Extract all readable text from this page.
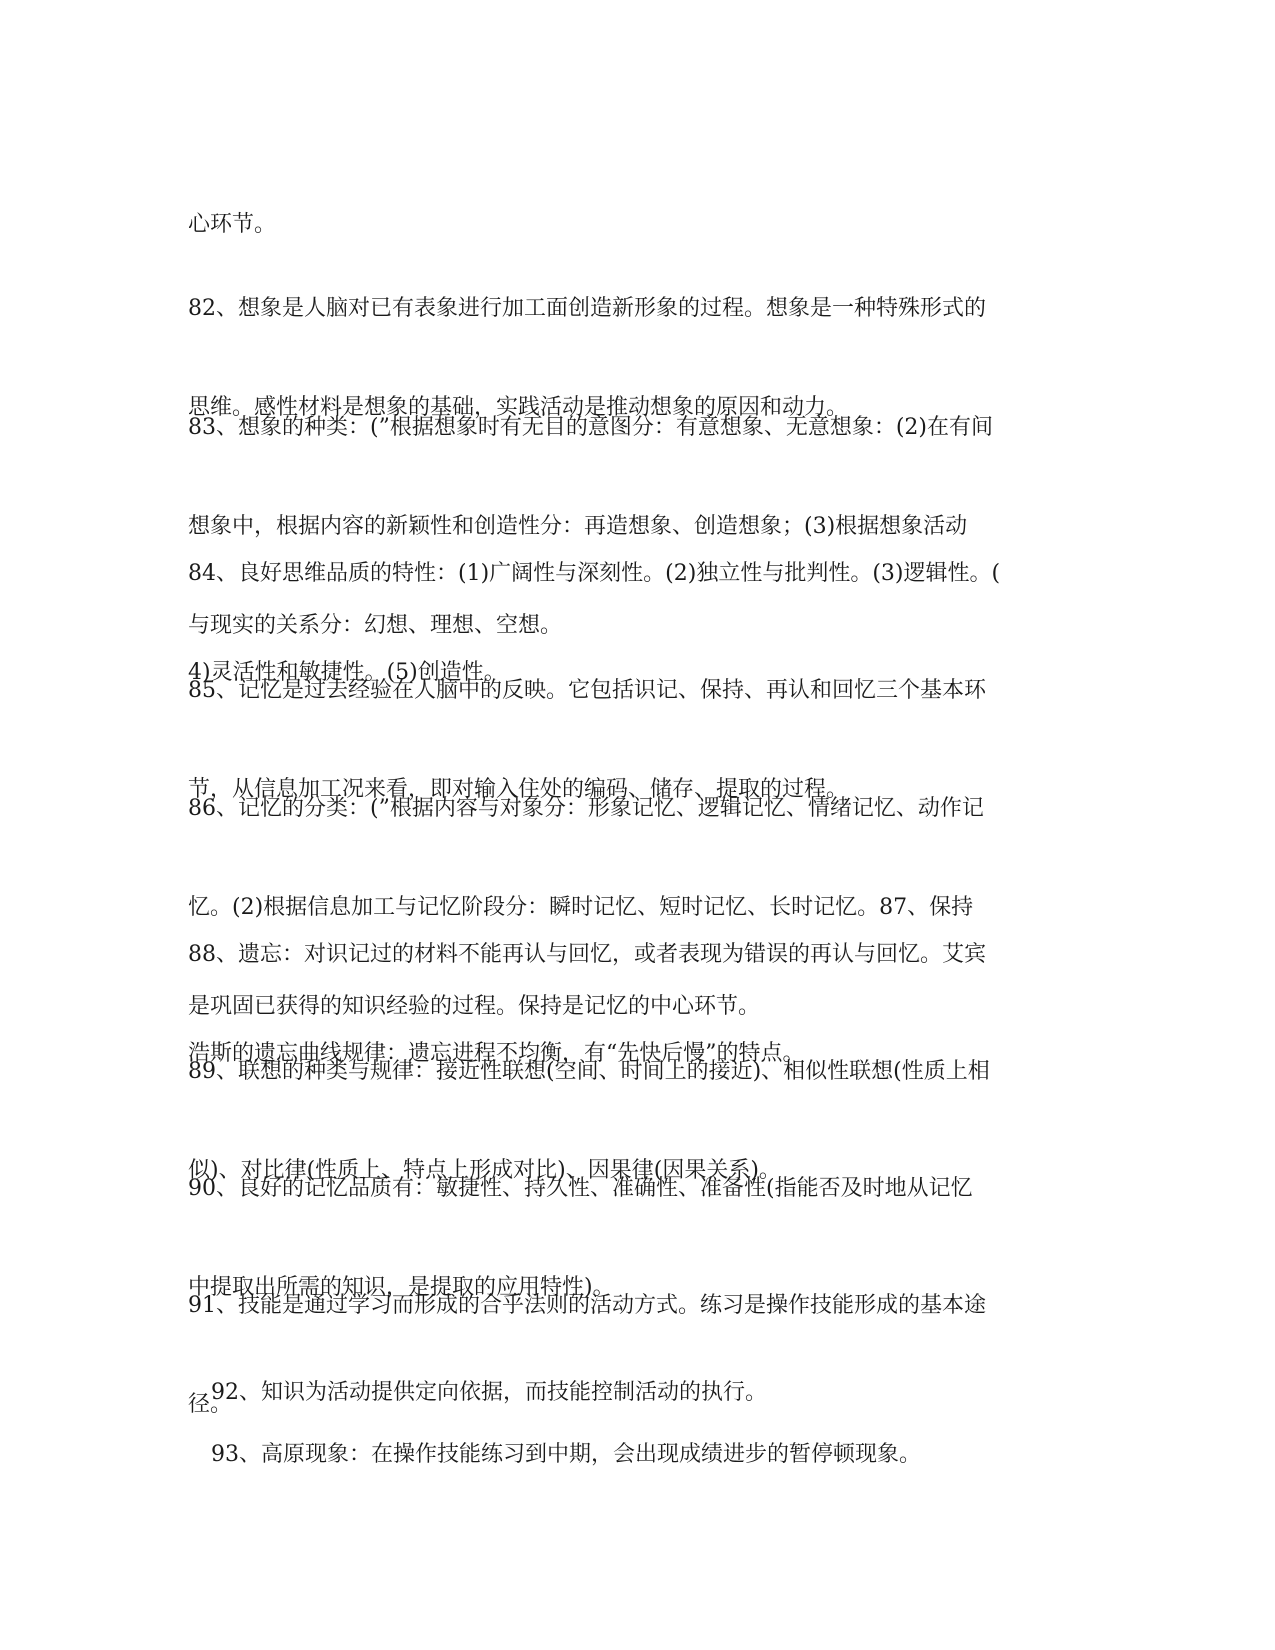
心环节。

82、想象是人脑对已有表象进行加工面创造新形象的过程。想象是一种特殊形式的

思维。感性材料是想象的基础，实践活动是推动想象的原因和动力。

83、想象的种类：(”根据想象时有无目的意图分：有意想象、无意想象：(2)在有间

想象中，根据内容的新颖性和创造性分：再造想象、创造想象；(3)根据想象活动

与现实的关系分：幻想、理想、空想。

84、良好思维品质的特性：(1)广阔性与深刻性。(2)独立性与批判性。(3)逻辑性。(

4)灵活性和敏捷性。(5)创造性。

85、记忆是过去经验在人脑中的反映。它包括识记、保持、再认和回忆三个基本环

节，从信息加工况来看，即对输入住处的编码、储存、提取的过程。

86、记忆的分类：(”根据内容与对象分：形象记忆、逻辑记忆、情绪记忆、动作记

忆。(2)根据信息加工与记忆阶段分：瞬时记忆、短时记忆、长时记忆。87、保持

是巩固已获得的知识经验的过程。保持是记忆的中心环节。

88、遗忘：对识记过的材料不能再认与回忆，或者表现为错误的再认与回忆。艾宾

浩斯的遗忘曲线规律：遗忘进程不均衡，有“先快后慢”的特点。

89、联想的种类与规律：接近性联想(空间、时间上的接近)、相似性联想(性质上相

似)、对比律(性质上、特点上形成对比)、因果律(因果关系)。

90、良好的记忆品质有：敏捷性、持久性、准确性、准备性(指能否及时地从记忆

中提取出所需的知识，是提取的应用特性)。

91、技能是通过学习而形成的合乎法则的活动方式。练习是操作技能形成的基本途

径。

92、知识为活动提供定向依据，而技能控制活动的执行。

93、高原现象：在操作技能练习到中期，会出现成绩进步的暂停顿现象。
